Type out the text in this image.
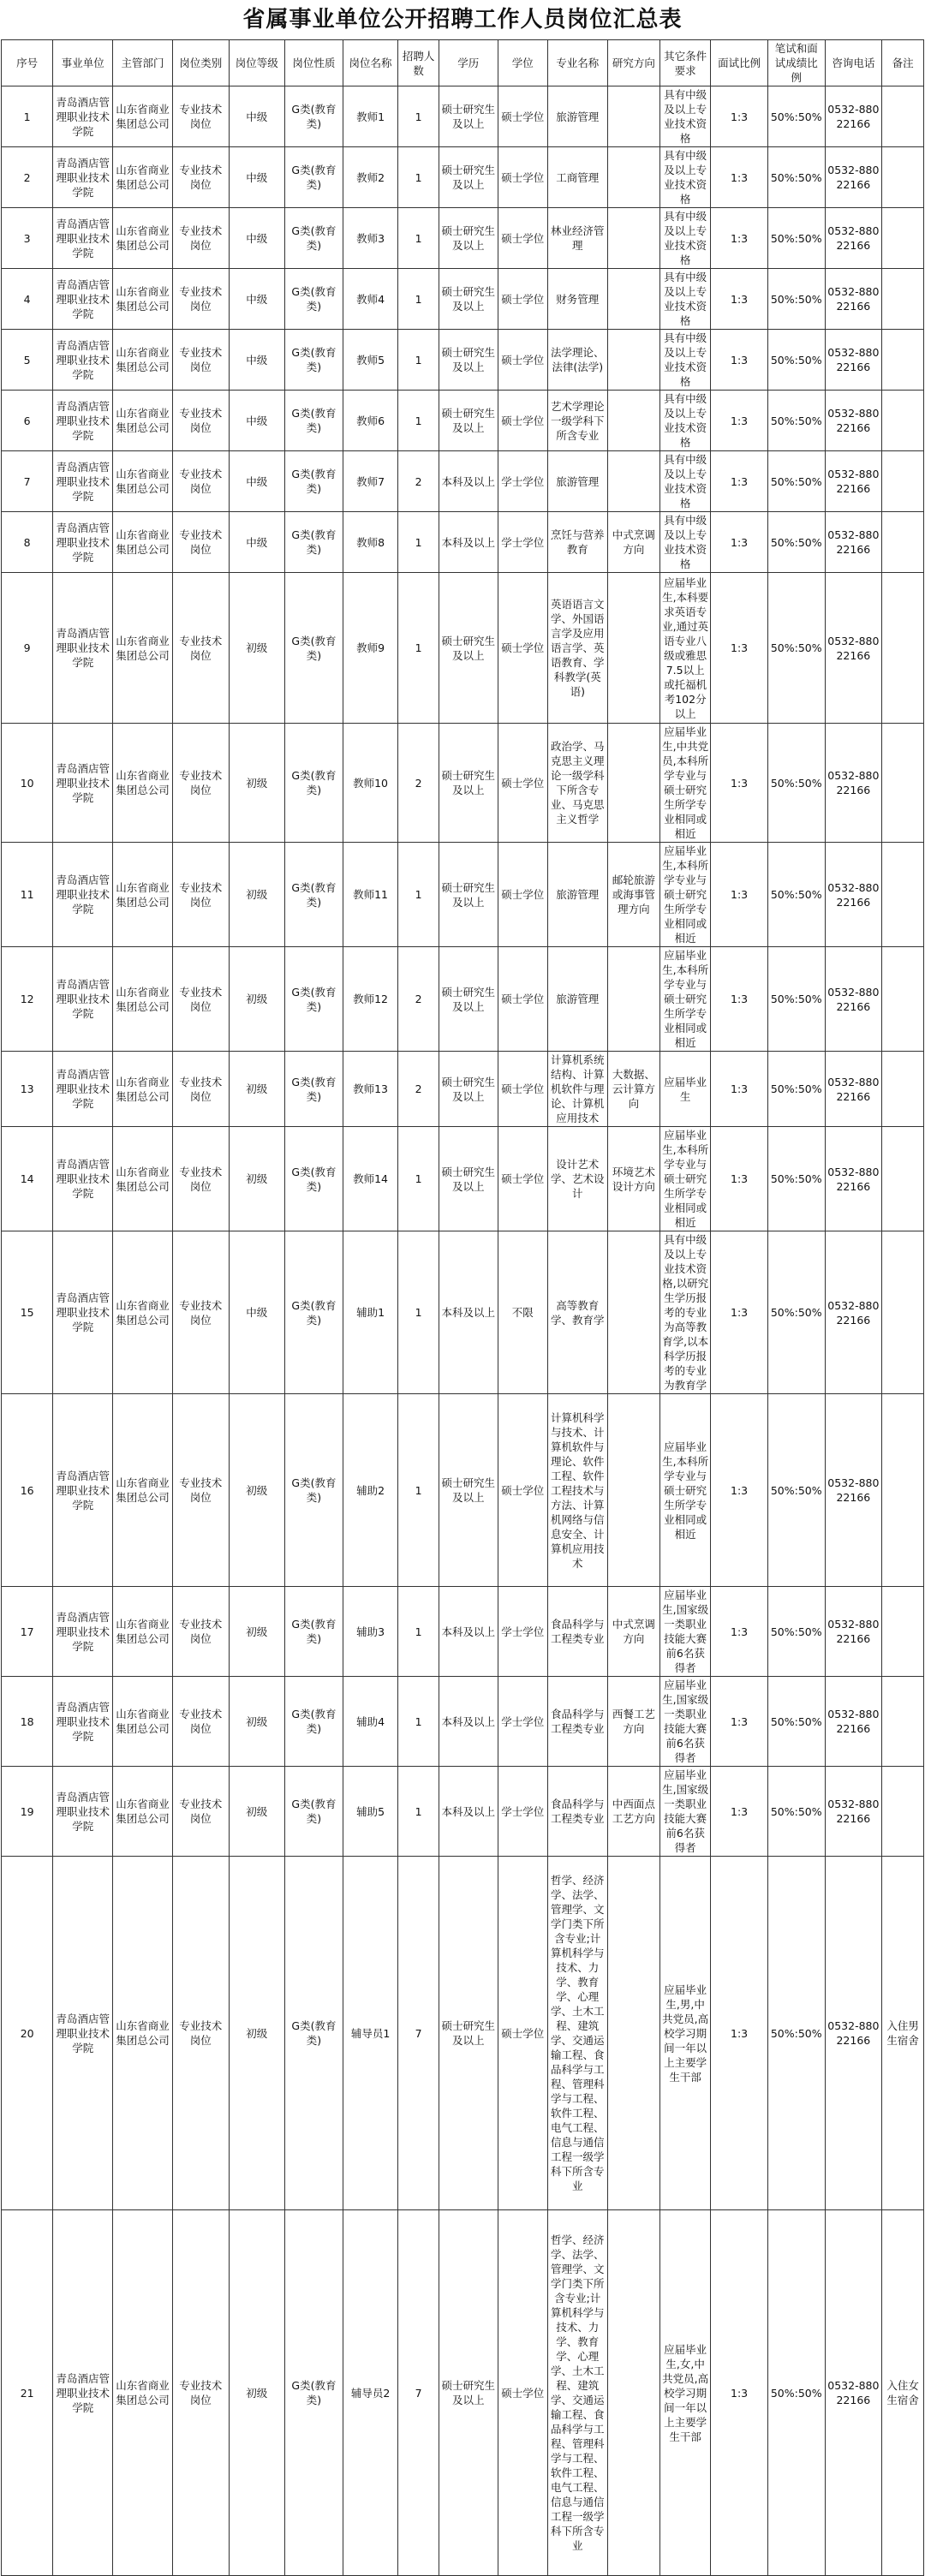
省属事业单位公开招聘工作人员岗位汇总表
序号	事业单位	主管部门	岗位类别	岗位等级	岗位性质	岗位名称	招聘人数	学历	学位	专业名称	研究方向	其它条件要求	面试比例	笔试和面试成绩比例	咨询电话	备注
1	青岛酒店管理职业技术学院	山东省商业集团总公司	专业技术岗位	中级	G类(教育类)	教师1	1	硕士研究生及以上	硕士学位	旅游管理		具有中级及以上专业技术资格	1:3	50%:50%	0532-88022166	
2	青岛酒店管理职业技术学院	山东省商业集团总公司	专业技术岗位	中级	G类(教育类)	教师2	1	硕士研究生及以上	硕士学位	工商管理		具有中级及以上专业技术资格	1:3	50%:50%	0532-88022166	
3	青岛酒店管理职业技术学院	山东省商业集团总公司	专业技术岗位	中级	G类(教育类)	教师3	1	硕士研究生及以上	硕士学位	林业经济管理		具有中级及以上专业技术资格	1:3	50%:50%	0532-88022166	
4	青岛酒店管理职业技术学院	山东省商业集团总公司	专业技术岗位	中级	G类(教育类)	教师4	1	硕士研究生及以上	硕士学位	财务管理		具有中级及以上专业技术资格	1:3	50%:50%	0532-88022166	
5	青岛酒店管理职业技术学院	山东省商业集团总公司	专业技术岗位	中级	G类(教育类)	教师5	1	硕士研究生及以上	硕士学位	法学理论、法律(法学)		具有中级及以上专业技术资格	1:3	50%:50%	0532-88022166	
6	青岛酒店管理职业技术学院	山东省商业集团总公司	专业技术岗位	中级	G类(教育类)	教师6	1	硕士研究生及以上	硕士学位	艺术学理论一级学科下所含专业		具有中级及以上专业技术资格	1:3	50%:50%	0532-88022166	
7	青岛酒店管理职业技术学院	山东省商业集团总公司	专业技术岗位	中级	G类(教育类)	教师7	2	本科及以上	学士学位	旅游管理		具有中级及以上专业技术资格	1:3	50%:50%	0532-88022166	
8	青岛酒店管理职业技术学院	山东省商业集团总公司	专业技术岗位	中级	G类(教育类)	教师8	1	本科及以上	学士学位	烹饪与营养教育	中式烹调方向	具有中级及以上专业技术资格	1:3	50%:50%	0532-88022166	
9	青岛酒店管理职业技术学院	山东省商业集团总公司	专业技术岗位	初级	G类(教育类)	教师9	1	硕士研究生及以上	硕士学位	英语语言文学、外国语言学及应用语言学、英语教育、学科教学(英语)		应届毕业生,本科要求英语专业,通过英语专业八级或雅思7.5以上或托福机考102分以上	1:3	50%:50%	0532-88022166	
10	青岛酒店管理职业技术学院	山东省商业集团总公司	专业技术岗位	初级	G类(教育类)	教师10	2	硕士研究生及以上	硕士学位	政治学、马克思主义理论一级学科下所含专业、马克思主义哲学		应届毕业生,中共党员,本科所学专业与硕士研究生所学专业相同或相近	1:3	50%:50%	0532-88022166	
11	青岛酒店管理职业技术学院	山东省商业集团总公司	专业技术岗位	初级	G类(教育类)	教师11	1	硕士研究生及以上	硕士学位	旅游管理	邮轮旅游或海事管理方向	应届毕业生,本科所学专业与硕士研究生所学专业相同或相近	1:3	50%:50%	0532-88022166	
12	青岛酒店管理职业技术学院	山东省商业集团总公司	专业技术岗位	初级	G类(教育类)	教师12	2	硕士研究生及以上	硕士学位	旅游管理		应届毕业生,本科所学专业与硕士研究生所学专业相同或相近	1:3	50%:50%	0532-88022166	
13	青岛酒店管理职业技术学院	山东省商业集团总公司	专业技术岗位	初级	G类(教育类)	教师13	2	硕士研究生及以上	硕士学位	计算机系统结构、计算机软件与理论、计算机应用技术	大数据、云计算方向	应届毕业生	1:3	50%:50%	0532-88022166	
14	青岛酒店管理职业技术学院	山东省商业集团总公司	专业技术岗位	初级	G类(教育类)	教师14	1	硕士研究生及以上	硕士学位	设计艺术学、艺术设计	环境艺术设计方向	应届毕业生,本科所学专业与硕士研究生所学专业相同或相近	1:3	50%:50%	0532-88022166	
15	青岛酒店管理职业技术学院	山东省商业集团总公司	专业技术岗位	中级	G类(教育类)	辅助1	1	本科及以上	不限	高等教育学、教育学		具有中级及以上专业技术资格,以研究生学历报考的专业为高等教育学,以本科学历报考的专业为教育学	1:3	50%:50%	0532-88022166	
16	青岛酒店管理职业技术学院	山东省商业集团总公司	专业技术岗位	初级	G类(教育类)	辅助2	1	硕士研究生及以上	硕士学位	计算机科学与技术、计算机软件与理论、软件工程、软件工程技术与方法、计算机网络与信息安全、计算机应用技术		应届毕业生,本科所学专业与硕士研究生所学专业相同或相近	1:3	50%:50%	0532-88022166	
17	青岛酒店管理职业技术学院	山东省商业集团总公司	专业技术岗位	初级	G类(教育类)	辅助3	1	本科及以上	学士学位	食品科学与工程类专业	中式烹调方向	应届毕业生,国家级一类职业技能大赛前6名获得者	1:3	50%:50%	0532-88022166	
18	青岛酒店管理职业技术学院	山东省商业集团总公司	专业技术岗位	初级	G类(教育类)	辅助4	1	本科及以上	学士学位	食品科学与工程类专业	西餐工艺方向	应届毕业生,国家级一类职业技能大赛前6名获得者	1:3	50%:50%	0532-88022166	
19	青岛酒店管理职业技术学院	山东省商业集团总公司	专业技术岗位	初级	G类(教育类)	辅助5	1	本科及以上	学士学位	食品科学与工程类专业	中西面点工艺方向	应届毕业生,国家级一类职业技能大赛前6名获得者	1:3	50%:50%	0532-88022166	
20	青岛酒店管理职业技术学院	山东省商业集团总公司	专业技术岗位	初级	G类(教育类)	辅导员1	7	硕士研究生及以上	硕士学位	哲学、经济学、法学、管理学、文学门类下所含专业;计算机科学与技术、力学、教育学、心理学、土木工程、建筑学、交通运输工程、食品科学与工程、管理科学与工程、软件工程、电气工程、信息与通信工程一级学科下所含专业		应届毕业生,男,中共党员,高校学习期间一年以上主要学生干部	1:3	50%:50%	0532-88022166	入住男生宿舍
21	青岛酒店管理职业技术学院	山东省商业集团总公司	专业技术岗位	初级	G类(教育类)	辅导员2	7	硕士研究生及以上	硕士学位	哲学、经济学、法学、管理学、文学门类下所含专业;计算机科学与技术、力学、教育学、心理学、土木工程、建筑学、交通运输工程、食品科学与工程、管理科学与工程、软件工程、电气工程、信息与通信工程一级学科下所含专业		应届毕业生,女,中共党员,高校学习期间一年以上主要学生干部	1:3	50%:50%	0532-88022166	入住女生宿舍
